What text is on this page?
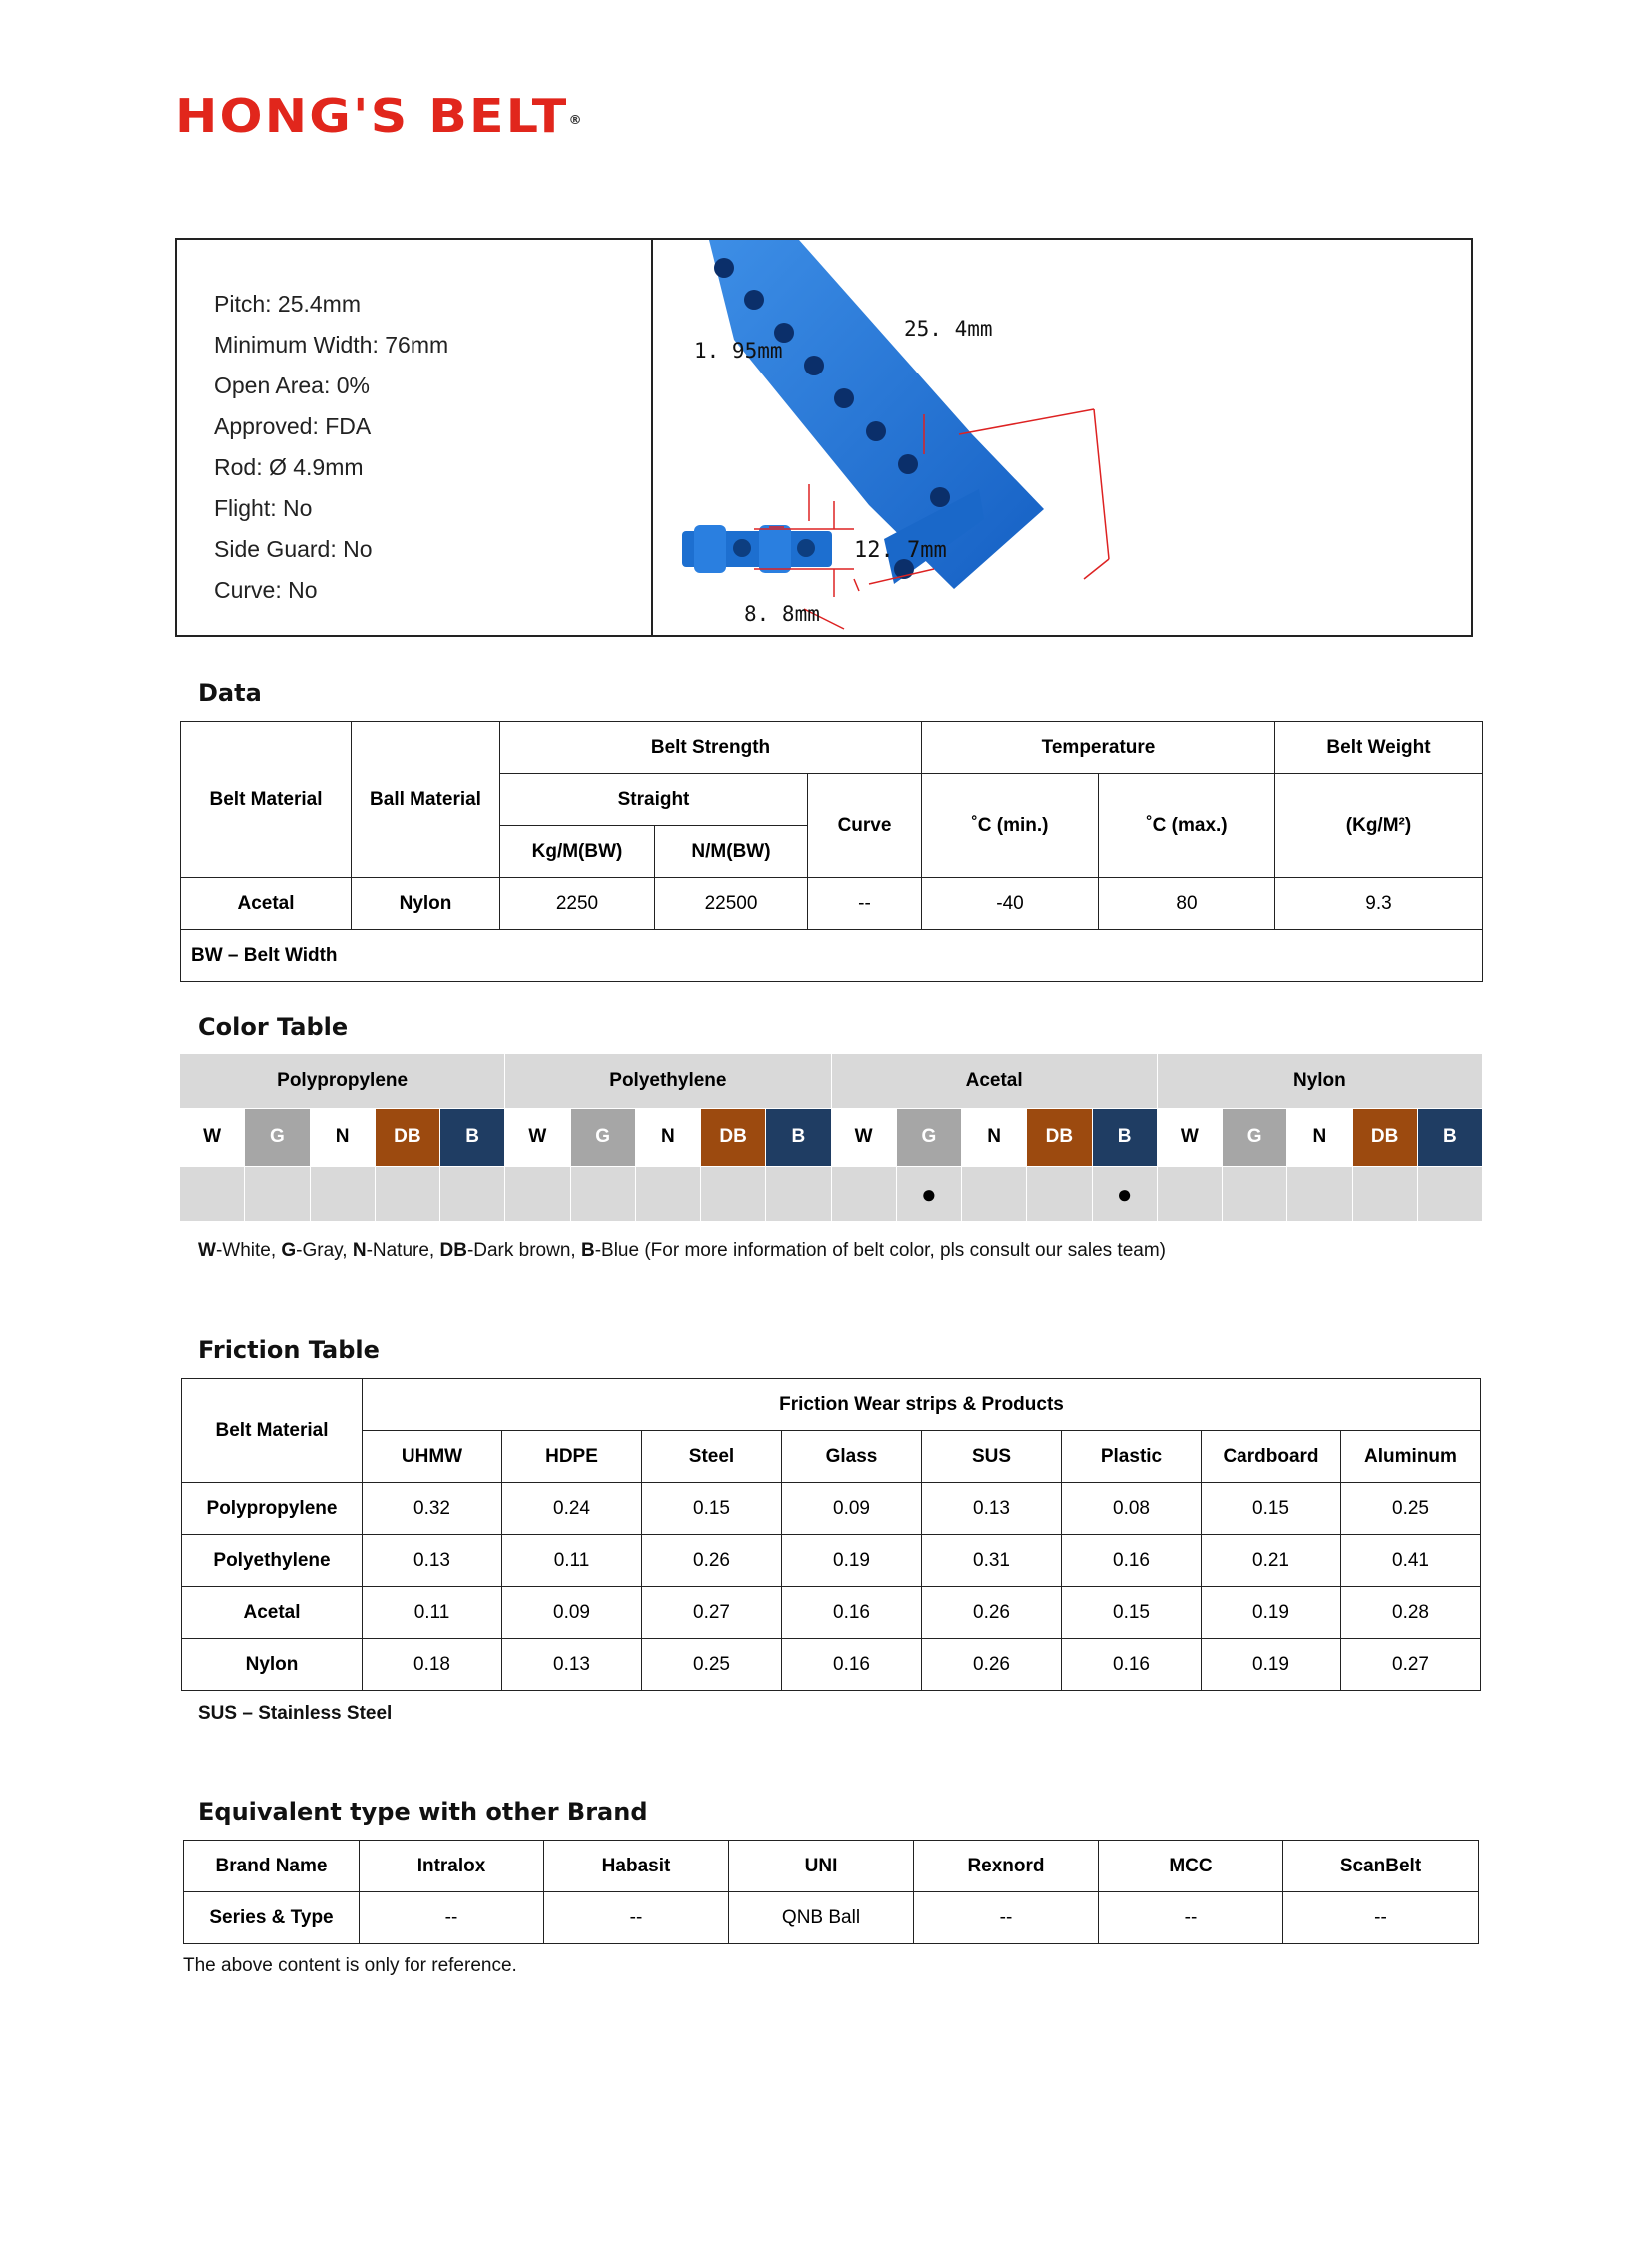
HONG'S BELT®
Pitch: 25.4mm
Minimum Width: 76mm
Open Area: 0%
Approved: FDA
Rod: Ø 4.9mm
Flight: No
Side Guard: No
Curve: No
12. 7mm
1. 95mm
25. 4mm
8. 8mm
Data
Belt Material	Ball Material	Belt Strength			Temperature		Belt Weight
		Straight		Curve	˚C (min.)	˚C (max.)	(Kg/M²)
		Kg/M(BW)	N/M(BW)				
Acetal	Nylon	2250	22500	--	-40	80	9.3
BW – Belt Width							
Color Table
Polypropylene					Polyethylene					Acetal					Nylon				
W	G	N	DB	B	W	G	N	DB	B	W	G	N	DB	B	W	G	N	DB	B
											●			●					
W-White, G-Gray, N-Nature, DB-Dark brown, B-Blue (For more information of belt color, pls consult our sales team)
Friction Table
Belt Material	Friction Wear strips & Products							
	UHMW	HDPE	Steel	Glass	SUS	Plastic	Cardboard	Aluminum
Polypropylene	0.32	0.24	0.15	0.09	0.13	0.08	0.15	0.25
Polyethylene	0.13	0.11	0.26	0.19	0.31	0.16	0.21	0.41
Acetal	0.11	0.09	0.27	0.16	0.26	0.15	0.19	0.28
Nylon	0.18	0.13	0.25	0.16	0.26	0.16	0.19	0.27
SUS – Stainless Steel
Equivalent type with other Brand
Brand Name	Intralox	Habasit	UNI	Rexnord	MCC	ScanBelt
Series & Type	--	--	QNB Ball	--	--	--
The above content is only for reference.
